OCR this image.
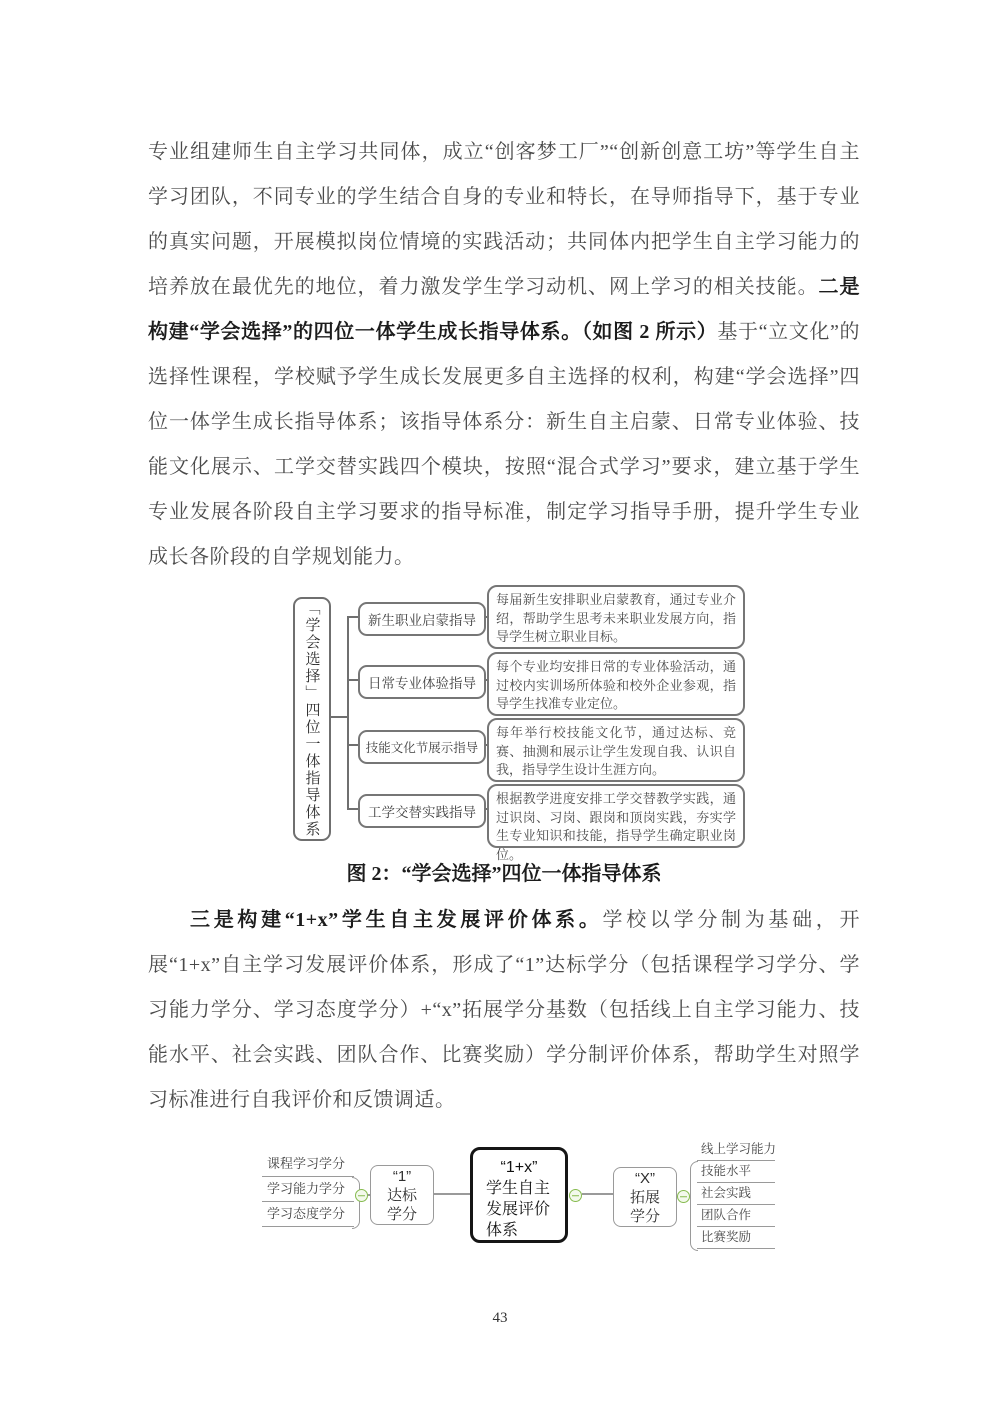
专业组建师生自主学习共同体，成立“创客梦工厂”“创新创意工坊”等学生自主学习团队，不同专业的学生结合自身的专业和特长，在导师指导下，基于专业的真实问题，开展模拟岗位情境的实践活动；共同体内把学生自主学习能力的培养放在最优先的地位，着力激发学生学习动机、网上学习的相关技能。二是构建“学会选择”的四位一体学生成长指导体系。（如图 2 所示）基于“立文化”的选择性课程，学校赋予学生成长发展更多自主选择的权利，构建“学会选择”四位一体学生成长指导体系；该指导体系分：新生自主启蒙、日常专业体验、技能文化展示、工学交替实践四个模块，按照“混合式学习”要求，建立基于学生专业发展各阶段自主学习要求的指导标准，制定学习指导手册，提升学生专业成长各阶段的自学规划能力。

「学会选择」四位一体指导体系	新生职业启蒙指导
日常专业体验指导
技能文化节展示指导
工学交替实践指导
每届新生安排职业启蒙教育，通过专业介绍，帮助学生思考未来职业发展方向，指导学生树立职业目标。
每个专业均安排日常的专业体验活动，通过校内实训场所体验和校外企业参观，指导学生找准专业定位。
每年举行校技能文化节，通过达标、竞赛、抽测和展示让学生发现自我、认识自我，指导学生设计生涯方向。
根据教学进度安排工学交替教学实践，通过识岗、习岗、跟岗和顶岗实践，夯实学生专业知识和技能，指导学生确定职业岗位。

图 2：“学会选择”四位一体指导体系

三是构建“1+x”学生自主发展评价体系。学校以学分制为基础，开展“1+x”自主学习发展评价体系，形成了“1”达标学分（包括课程学习学分、学习能力学分、学习态度学分）+“x”拓展学分基数（包括线上自主学习能力、技能水平、社会实践、团队合作、比赛奖励）学分制评价体系，帮助学生对照学习标准进行自我评价和反馈调适。

课程学习学分
学习能力学分
学习态度学分
“1”
达标
学分
“1+x”
学生自主
发展评价
体系
“X”
拓展
学分
线上学习能力
技能水平
社会实践
团队合作
比赛奖励
43
